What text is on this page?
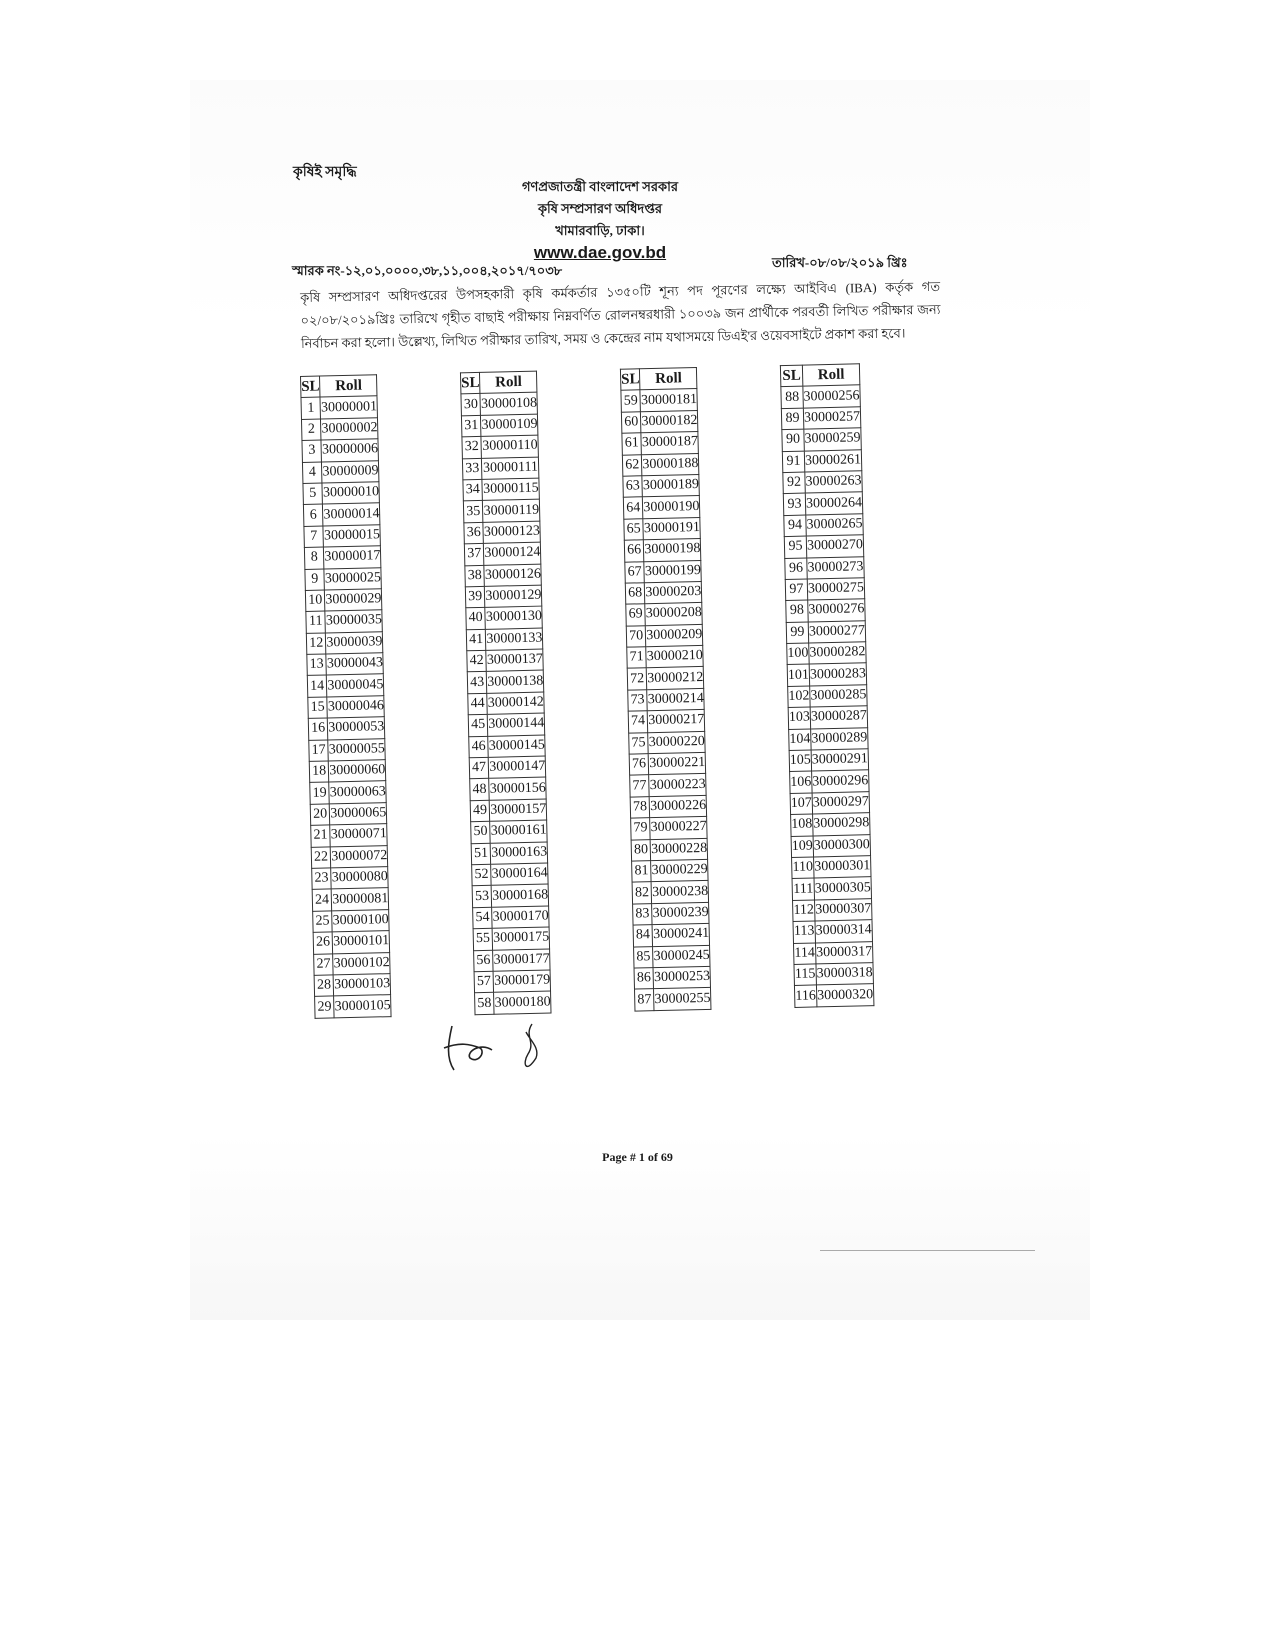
কৃষিই সমৃদ্ধি
গণপ্রজাতন্ত্রী বাংলাদেশ সরকার
কৃষি সম্প্রসারণ অধিদপ্তর
খামারবাড়ি, ঢাকা।
www.dae.gov.bd
স্মারক নং-১২,০১,০০০০,৩৮,১১,০০৪,২০১৭/৭০৩৮
তারিখ-০৮/০৮/২০১৯ খ্রিঃ
কৃষি সম্প্রসারণ অধিদপ্তরের উপসহকারী কৃষি কর্মকর্তার ১৩৫০টি শূন্য পদ পূরণের লক্ষ্যে আইবিএ (IBA) কর্তৃক গত ০২/০৮/২০১৯খ্রিঃ তারিখে গৃহীত বাছাই পরীক্ষায় নিম্নবর্ণিত রোলনম্বরধারী ১০০৩৯ জন প্রার্থীকে পরবর্তী লিখিত পরীক্ষার জন্য নির্বাচন করা হলো। উল্লেখ্য, লিখিত পরীক্ষার তারিখ, সময় ও কেন্দ্রের নাম যথাসময়ে ডিএই'র ওয়েবসাইটে প্রকাশ করা হবে।
SL	Roll
1	30000001
2	30000002
3	30000006
4	30000009
5	30000010
6	30000014
7	30000015
8	30000017
9	30000025
10	30000029
11	30000035
12	30000039
13	30000043
14	30000045
15	30000046
16	30000053
17	30000055
18	30000060
19	30000063
20	30000065
21	30000071
22	30000072
23	30000080
24	30000081
25	30000100
26	30000101
27	30000102
28	30000103
29	30000105
SL	Roll
30	30000108
31	30000109
32	30000110
33	30000111
34	30000115
35	30000119
36	30000123
37	30000124
38	30000126
39	30000129
40	30000130
41	30000133
42	30000137
43	30000138
44	30000142
45	30000144
46	30000145
47	30000147
48	30000156
49	30000157
50	30000161
51	30000163
52	30000164
53	30000168
54	30000170
55	30000175
56	30000177
57	30000179
58	30000180
SL	Roll
59	30000181
60	30000182
61	30000187
62	30000188
63	30000189
64	30000190
65	30000191
66	30000198
67	30000199
68	30000203
69	30000208
70	30000209
71	30000210
72	30000212
73	30000214
74	30000217
75	30000220
76	30000221
77	30000223
78	30000226
79	30000227
80	30000228
81	30000229
82	30000238
83	30000239
84	30000241
85	30000245
86	30000253
87	30000255
SL	Roll
88	30000256
89	30000257
90	30000259
91	30000261
92	30000263
93	30000264
94	30000265
95	30000270
96	30000273
97	30000275
98	30000276
99	30000277
100	30000282
101	30000283
102	30000285
103	30000287
104	30000289
105	30000291
106	30000296
107	30000297
108	30000298
109	30000300
110	30000301
111	30000305
112	30000307
113	30000314
114	30000317
115	30000318
116	30000320
Page # 1 of 69
